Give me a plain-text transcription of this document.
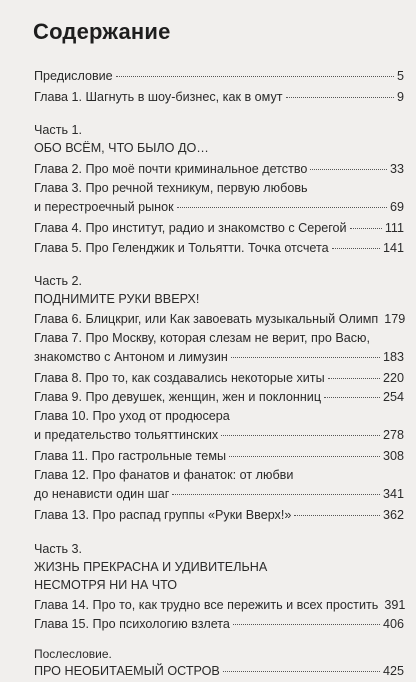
Содержание
Предисловие	5
Глава 1. Шагнуть в шоу-бизнес, как в омут	9
Часть 1.
ОБО ВСЁМ, ЧТО БЫЛО ДО…
Глава 2. Про моё почти криминальное детство	33
Глава 3. Про речной техникум, первую любовь
и перестроечный рынок	69
Глава 4. Про институт, радио и знакомство с Серегой	111
Глава 5. Про Геленджик и Тольятти. Точка отсчета	141
Часть 2.
ПОДНИМИТЕ РУКИ ВВЕРХ!
Глава 6. Блицкриг, или Как завоевать музыкальный Олимп 179
Глава 7. Про Москву, которая слезам не верит, про Васю,
знакомство с Антоном и лимузин	183
Глава 8. Про то, как создавались некоторые хиты	220
Глава 9. Про девушек, женщин, жен и поклонниц	254
Глава 10. Про уход от продюсера
и предательство тольяттинских	278
Глава 11. Про гастрольные темы	308
Глава 12. Про фанатов и фанаток: от любви
до ненависти один шаг	341
Глава 13. Про распад группы «Руки Вверх!»	362
Часть 3.
ЖИЗНЬ ПРЕКРАСНА И УДИВИТЕЛЬНА
НЕСМОТРЯ НИ НА ЧТО
Глава 14. Про то, как трудно все пережить и всех простить 391
Глава 15. Про психологию взлета	406
Послесловие.
ПРО НЕОБИТАЕМЫЙ ОСТРОВ	425
